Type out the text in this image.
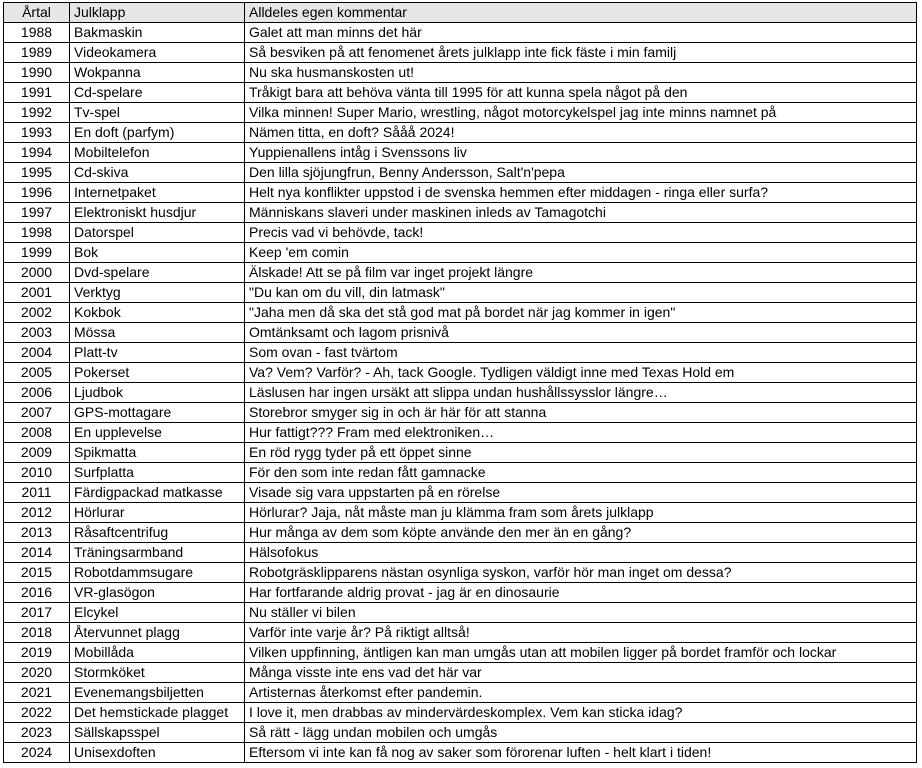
Årtal	Julklapp	Alldeles egen kommentar
1988	Bakmaskin	Galet att man minns det här
1989	Videokamera	Så besviken på att fenomenet årets julklapp inte fick fäste i min familj
1990	Wokpanna	Nu ska husmanskosten ut!
1991	Cd-spelare	Tråkigt bara att behöva vänta till 1995 för att kunna spela något på den
1992	Tv-spel	Vilka minnen! Super Mario, wrestling, något motorcykelspel jag inte minns namnet på
1993	En doft (parfym)	Nämen titta, en doft? Sååå 2024!
1994	Mobiltelefon	Yuppienallens intåg i Svenssons liv
1995	Cd-skiva	Den lilla sjöjungfrun, Benny Andersson, Salt'n'pepa
1996	Internetpaket	Helt nya konflikter uppstod i de svenska hemmen efter middagen - ringa eller surfa?
1997	Elektroniskt husdjur	Människans slaveri under maskinen inleds av Tamagotchi
1998	Datorspel	Precis vad vi behövde, tack!
1999	Bok	Keep 'em comin
2000	Dvd-spelare	Älskade! Att se på film var inget projekt längre
2001	Verktyg	"Du kan om du vill, din latmask"
2002	Kokbok	"Jaha men då ska det stå god mat på bordet när jag kommer in igen"
2003	Mössa	Omtänksamt och lagom prisnivå
2004	Platt-tv	Som ovan - fast tvärtom
2005	Pokerset	Va? Vem? Varför? - Ah, tack Google. Tydligen väldigt inne med Texas Hold em
2006	Ljudbok	Läslusen har ingen ursäkt att slippa undan hushållssysslor längre…
2007	GPS-mottagare	Storebror smyger sig in och är här för att stanna
2008	En upplevelse	Hur fattigt??? Fram med elektroniken…
2009	Spikmatta	En röd rygg tyder på ett öppet sinne
2010	Surfplatta	För den som inte redan fått gamnacke
2011	Färdigpackad matkasse	Visade sig vara uppstarten på en rörelse
2012	Hörlurar	Hörlurar? Jaja, nåt måste man ju klämma fram som årets julklapp
2013	Råsaftcentrifug	Hur många av dem som köpte använde den mer än en gång?
2014	Träningsarmband	Hälsofokus
2015	Robotdammsugare	Robotgräsklipparens nästan osynliga syskon, varför hör man inget om dessa?
2016	VR-glasögon	Har fortfarande aldrig provat - jag är en dinosaurie
2017	Elcykel	Nu ställer vi bilen
2018	Återvunnet plagg	Varför inte varje år? På riktigt alltså!
2019	Mobillåda	Vilken uppfinning, äntligen kan man umgås utan att mobilen ligger på bordet framför och lockar
2020	Stormköket	Många visste inte ens vad det här var
2021	Evenemangsbiljetten	Artisternas återkomst efter pandemin.
2022	Det hemstickade plagget	I love it, men drabbas av mindervärdeskomplex. Vem kan sticka idag?
2023	Sällskapsspel	Så rätt - lägg undan mobilen och umgås
2024	Unisexdoften	Eftersom vi inte kan få nog av saker som förorenar luften - helt klart i tiden!
